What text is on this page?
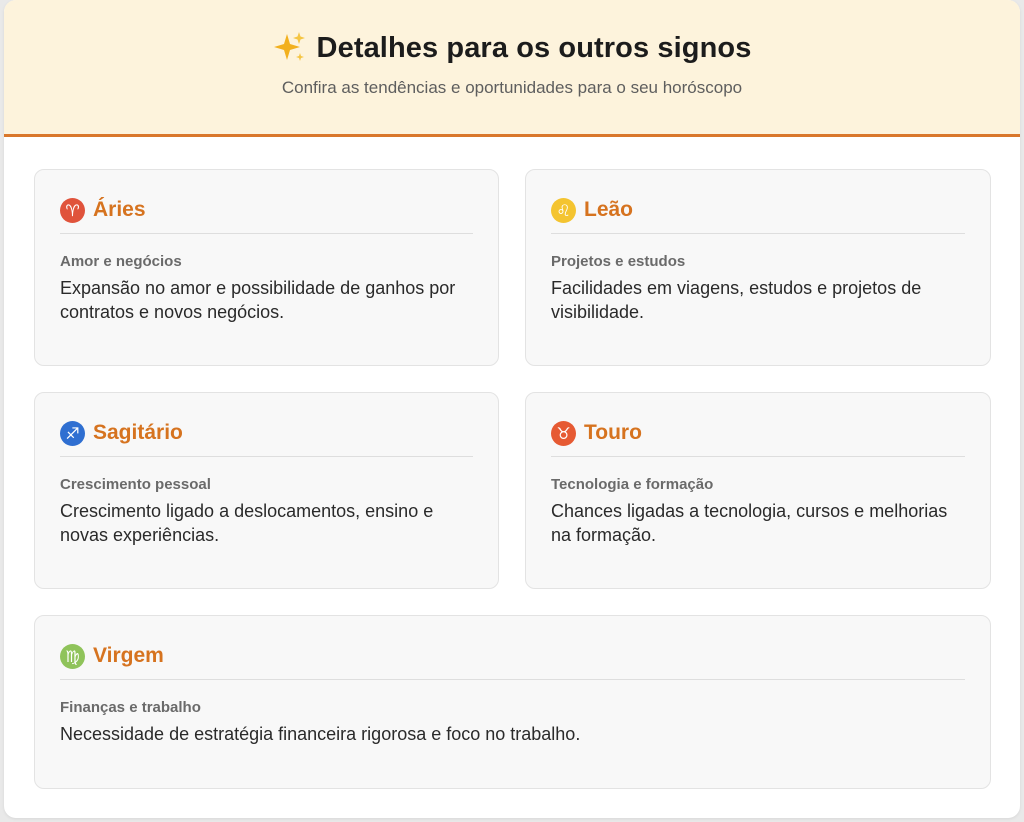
Detalhes para os outros signos
Confira as tendências e oportunidades para o seu horóscopo
♈ Áries
Amor e negócios
Expansão no amor e possibilidade de ganhos por contratos e novos negócios.
♌ Leão
Projetos e estudos
Facilidades em viagens, estudos e projetos de visibilidade.
♐ Sagitário
Crescimento pessoal
Crescimento ligado a deslocamentos, ensino e novas experiências.
♉ Touro
Tecnologia e formação
Chances ligadas a tecnologia, cursos e melhorias na formação.
♍ Virgem
Finanças e trabalho
Necessidade de estratégia financeira rigorosa e foco no trabalho.
